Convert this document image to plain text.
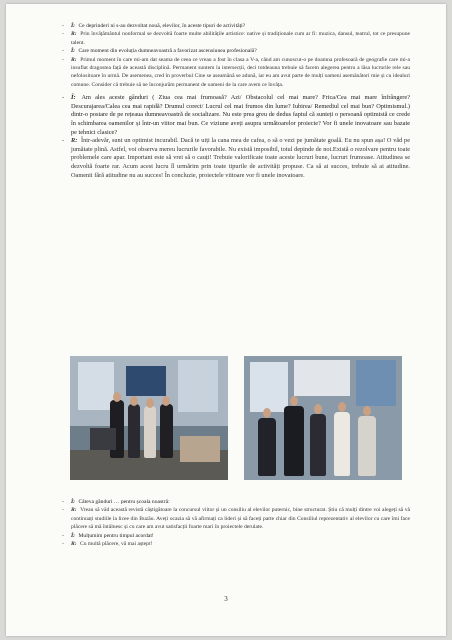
-	Î: Ce deprinderi ni s-au dezvoltat nouă, elevilor, în aceste tipuri de activități?
-	R: Prin învățământul nonformal se dezvoltă foarte multe abilitățile artistice: native și tradiționale cum ar fi: muzica, dansul, teatrul, tot ce presupune talent.
-	Î: Care moment din evoluția dumneavoastră a favorizat ascensiunea profesională?
-	R: Primul moment în care mi-am dat seama de ceea ce vreau a fost în clasa a V-a, când am cunoscut-o pe doamna profesoară de geografie care mi-a insuflat dragostea față de această disciplină. Permanent suntem la intersecții, deci totdeauna trebuie să facem alegerea pentru a lăsa lucrurile rele sau nefolositoare în urmă. De asemenea, cred în proverbul Cine se aseamănă se adună, iar eu am avut parte de mulți oameni asemănători mie și cu idealuri comune. Consider că trebuie să ne înconjurăm permanent de oameni de la care avem ce învăța.
-	Î: Am ales aceste gânduri ( Ziua cea mai frumoasă? Azi/ Obstacolul cel mai mare? Frica/Cea mai mare înfrângere? Descurajarea/Calea cea mai rapidă? Drumul corect/ Lucrul cel mai frumos din lume? Iubirea/ Remediul cel mai bun? Optimismul.) dintr-o postare de pe rețeaua dumneavoastră de socializare. Nu este prea greu de dedus faptul că sunteți o persoană optimistă ce crede în schimbarea oamenilor și într-un viitor mai bun. Ce viziune aveți asupra următoarelor proiecte? Vor fi unele inovatoare sau bazate pe tehnici clasice?
-	R: Într-adevăr, sunt un optimist incurabil. Dacă te uiți la cana mea de cafea, o să o vezi pe jumătate goală. Eu nu spun așa! O văd pe jumătate plină. Astfel, voi observa mereu lucrurile favorabile. Nu există imposibil, totul depinde de noi.Există o rezolvare pentru toate problemele care apar. Important este să vrei să o cauți! Trebuie valorificate toate aceste lucruri bune, lucruri frumoase. Atitudinea se dezvoltă foarte rar. Acum acest lucru îl urmărim prin toate tipurile de activități propuse. Ca să ai succes, trebuie să ai atitudine. Oamenii fără atitudine nu au succes! În concluzie, proiectele viitoare vor fi unele inovatoare.
-	Î: Câteva gânduri … pentru școala noastră:
-	R: Vreau să văd această revistă câștigătoare la concursul viitor și un consiliu al elevilor puternic, bine structurat. Știu că mulți dintre voi alegeți să vă continuați studiile la licee din Buzău. Aveți ocazia să vă afirmați ca lideri și să faceți parte chiar din Consiliul reprezentativ al elevilor cu care îmi face plăcere să mă întâlnesc și cu care am avut satisfacții foarte mari în proiectele derulate.
-	Î: Mulțumim pentru timpul acordat!
-	R: Cu multă plăcere, vă mai aștept!
3
